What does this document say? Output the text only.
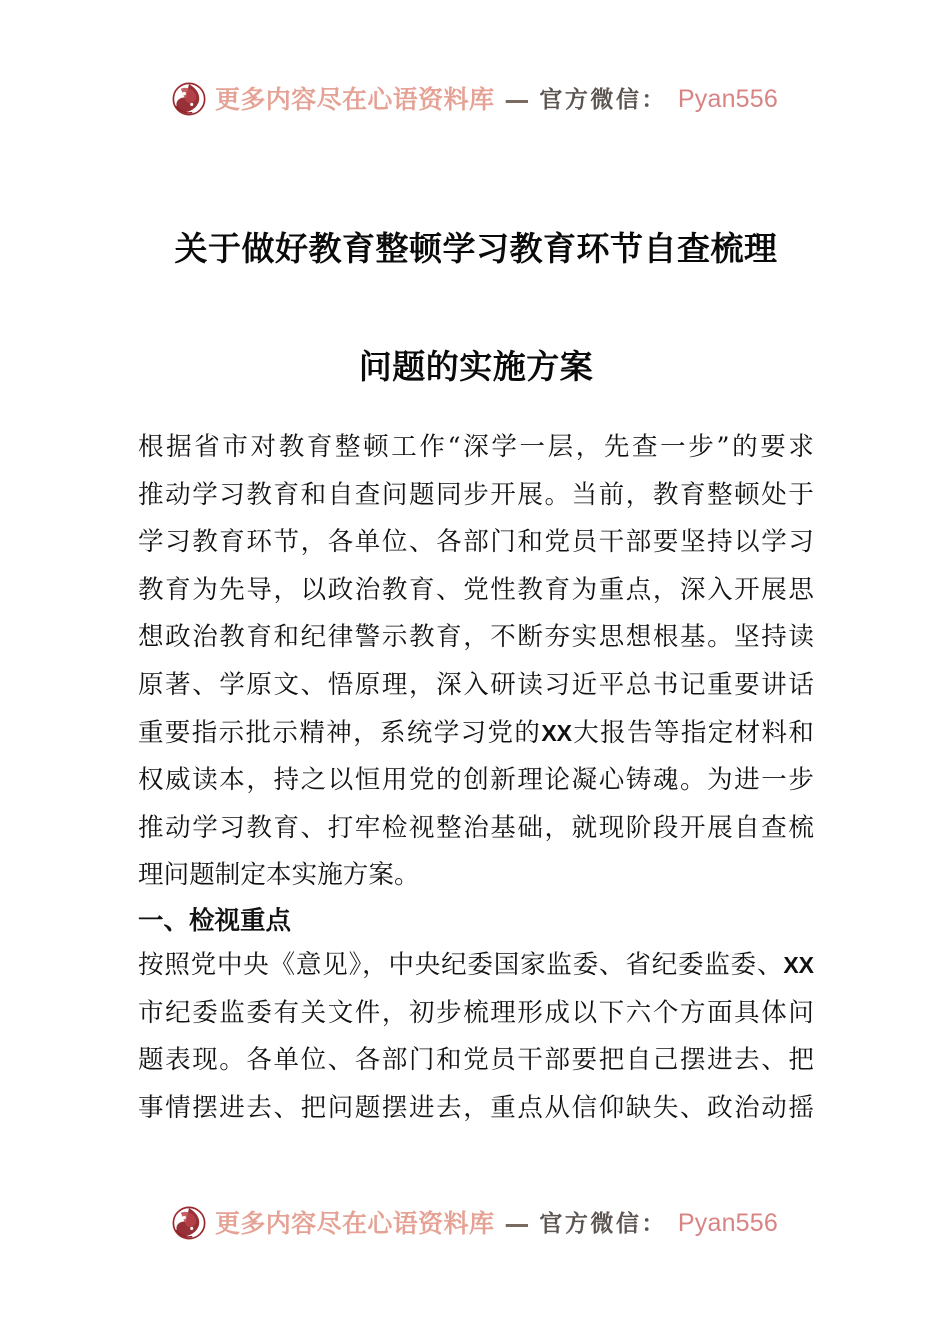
更多内容尽在心语资料库 — 官方微信： Pyan556
关于做好教育整顿学习教育环节自查梳理
问题的实施方案

根据省市对教育整顿工作“深学一层，先查一步”的要求
推动学习教育和自查问题同步开展。当前，教育整顿处于
学习教育环节，各单位、各部门和党员干部要坚持以学习
教育为先导，以政治教育、党性教育为重点，深入开展思
想政治教育和纪律警示教育，不断夯实思想根基。坚持读
原著、学原文、悟原理，深入研读习近平总书记重要讲话
重要指示批示精神，系统学习党的XX大报告等指定材料和
权威读本，持之以恒用党的创新理论凝心铸魂。为进一步
推动学习教育、打牢检视整治基础，就现阶段开展自查梳
理问题制定本实施方案。

一、检视重点

按照党中央《意见》，中央纪委国家监委、省纪委监委、XX
市纪委监委有关文件，初步梳理形成以下六个方面具体问
题表现。各单位、各部门和党员干部要把自己摆进去、把
事情摆进去、把问题摆进去，重点从信仰缺失、政治动摇

更多内容尽在心语资料库 — 官方微信： Pyan556
